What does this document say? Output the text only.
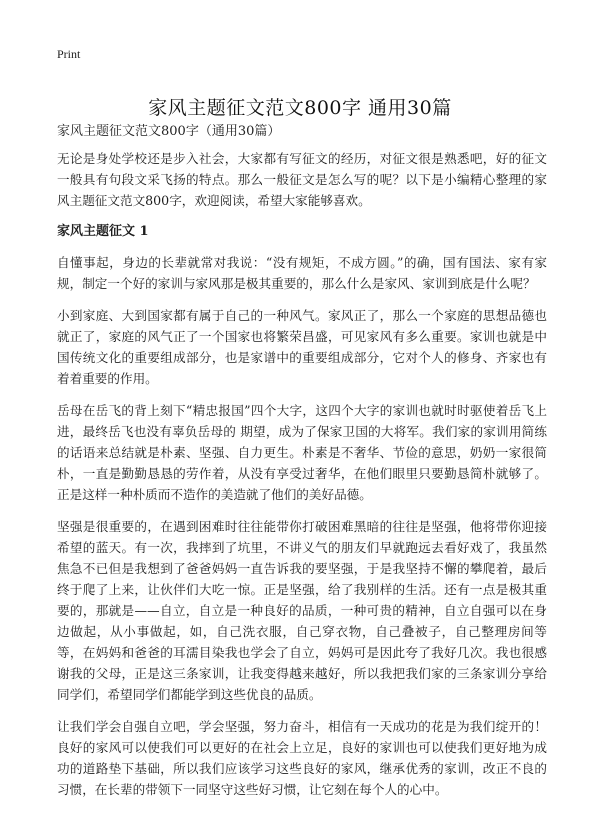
Print
家风主题征文范文800字 通用30篇
家风主题征文范文800字（通用30篇）

无论是身处学校还是步入社会，大家都有写征文的经历，对征文很是熟悉吧，好的征文一般具有句段文采飞扬的特点。那么一般征文是怎么写的呢？以下是小编精心整理的家风主题征文范文800字，欢迎阅读，希望大家能够喜欢。

家风主题征文 1

自懂事起，身边的长辈就常对我说：“没有规矩，不成方圆。”的确，国有国法、家有家规，制定一个好的家训与家风那是极其重要的，那么什么是家风、家训到底是什么呢？

小到家庭、大到国家都有属于自己的一种风气。家风正了，那么一个家庭的思想品德也就正了，家庭的风气正了一个国家也将繁荣昌盛，可见家风有多么重要。家训也就是中国传统文化的重要组成部分，也是家谱中的重要组成部分，它对个人的修身、齐家也有着着重要的作用。

岳母在岳飞的背上刻下“精忠报国”四个大字，这四个大字的家训也就时时驱使着岳飞上进，最终岳飞也没有辜负岳母的 期望，成为了保家卫国的大将军。我们家的家训用简练的话语来总结就是朴素、坚强、自力更生。朴素是不奢华、节俭的意思，奶奶一家很简朴，一直是勤勤恳恳的劳作着，从没有享受过奢华，在他们眼里只要勤恳简朴就够了。正是这样一种朴质而不造作的美造就了他们的美好品德。

坚强是很重要的，在遇到困难时往往能带你打破困难黑暗的往往是坚强，他将带你迎接希望的蓝天。有一次，我摔到了坑里，不讲义气的朋友们早就跑远去看好戏了，我虽然焦急不已但是我想到了爸爸妈妈一直告诉我的要坚强，于是我坚持不懈的攀爬着，最后终于爬了上来，让伙伴们大吃一惊。正是坚强，给了我别样的生活。还有一点是极其重要的，那就是——自立，自立是一种良好的品质，一种可贵的精神，自立自强可以在身边做起，从小事做起，如，自己洗衣服，自己穿衣物，自己叠被子，自己整理房间等等，在妈妈和爸爸的耳濡目染我也学会了自立，妈妈可是因此夸了我好几次。我也很感谢我的父母，正是这三条家训，让我变得越来越好，所以我把我们家的三条家训分享给同学们，希望同学们都能学到这些优良的品质。

让我们学会自强自立吧，学会坚强，努力奋斗，相信有一天成功的花是为我们绽开的！良好的家风可以使我们可以更好的在社会上立足，良好的家训也可以使我们更好地为成功的道路垫下基础，所以我们应该学习这些良好的家风，继承优秀的家训，改正不良的习惯，在长辈的带领下一同坚守这些好习惯，让它刻在每个人的心中。
